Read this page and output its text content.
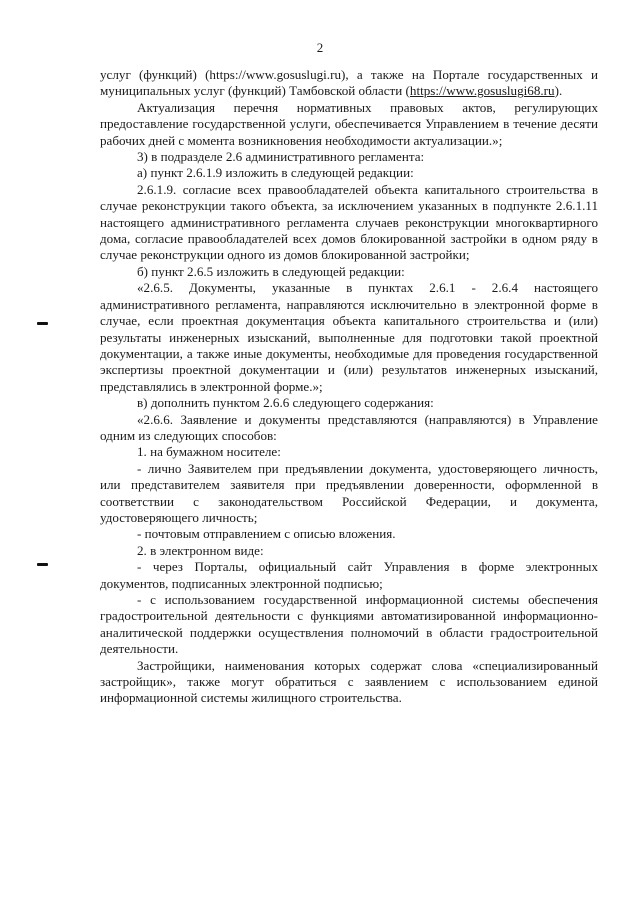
2

услуг (функций) (https://www.gosuslugi.ru), а также на Портале государственных и муниципальных услуг (функций) Тамбовской области (https://www.gosuslugi68.ru).

Актуализация перечня нормативных правовых актов, регулирующих предоставление государственной услуги, обеспечивается Управлением в течение десяти рабочих дней с момента возникновения необходимости актуализации.»;

3) в подразделе 2.6 административного регламента:

а) пункт 2.6.1.9 изложить в следующей редакции:

2.6.1.9. согласие всех правообладателей объекта капитального строительства в случае реконструкции такого объекта, за исключением указанных в подпункте 2.6.1.11 настоящего административного регламента случаев реконструкции многоквартирного дома, согласие правообладателей всех домов блокированной застройки в одном ряду в случае реконструкции одного из домов блокированной застройки;

б) пункт 2.6.5 изложить в следующей редакции:

«2.6.5. Документы, указанные в пунктах 2.6.1 - 2.6.4 настоящего административного регламента, направляются исключительно в электронной форме в случае, если проектная документация объекта капитального строительства и (или) результаты инженерных изысканий, выполненные для подготовки такой проектной документации, а также иные документы, необходимые для проведения государственной экспертизы проектной документации и (или) результатов инженерных изысканий, представлялись в электронной форме.»;

в) дополнить пунктом 2.6.6 следующего содержания:

«2.6.6. Заявление и документы представляются (направляются) в Управление одним из следующих способов:

1. на бумажном носителе:

- лично Заявителем при предъявлении документа, удостоверяющего личность, или представителем заявителя при предъявлении доверенности, оформленной в соответствии с законодательством Российской Федерации, и документа, удостоверяющего личность;

- почтовым отправлением с описью вложения.

2. в электронном виде:

- через Порталы, официальный сайт Управления в форме электронных документов, подписанных электронной подписью;

- с использованием государственной информационной системы обеспечения градостроительной деятельности с функциями автоматизированной информационно-аналитической поддержки осуществления полномочий в области градостроительной деятельности.

Застройщики, наименования которых содержат слова «специализированный застройщик», также могут обратиться с заявлением с использованием единой информационной системы жилищного строительства.
